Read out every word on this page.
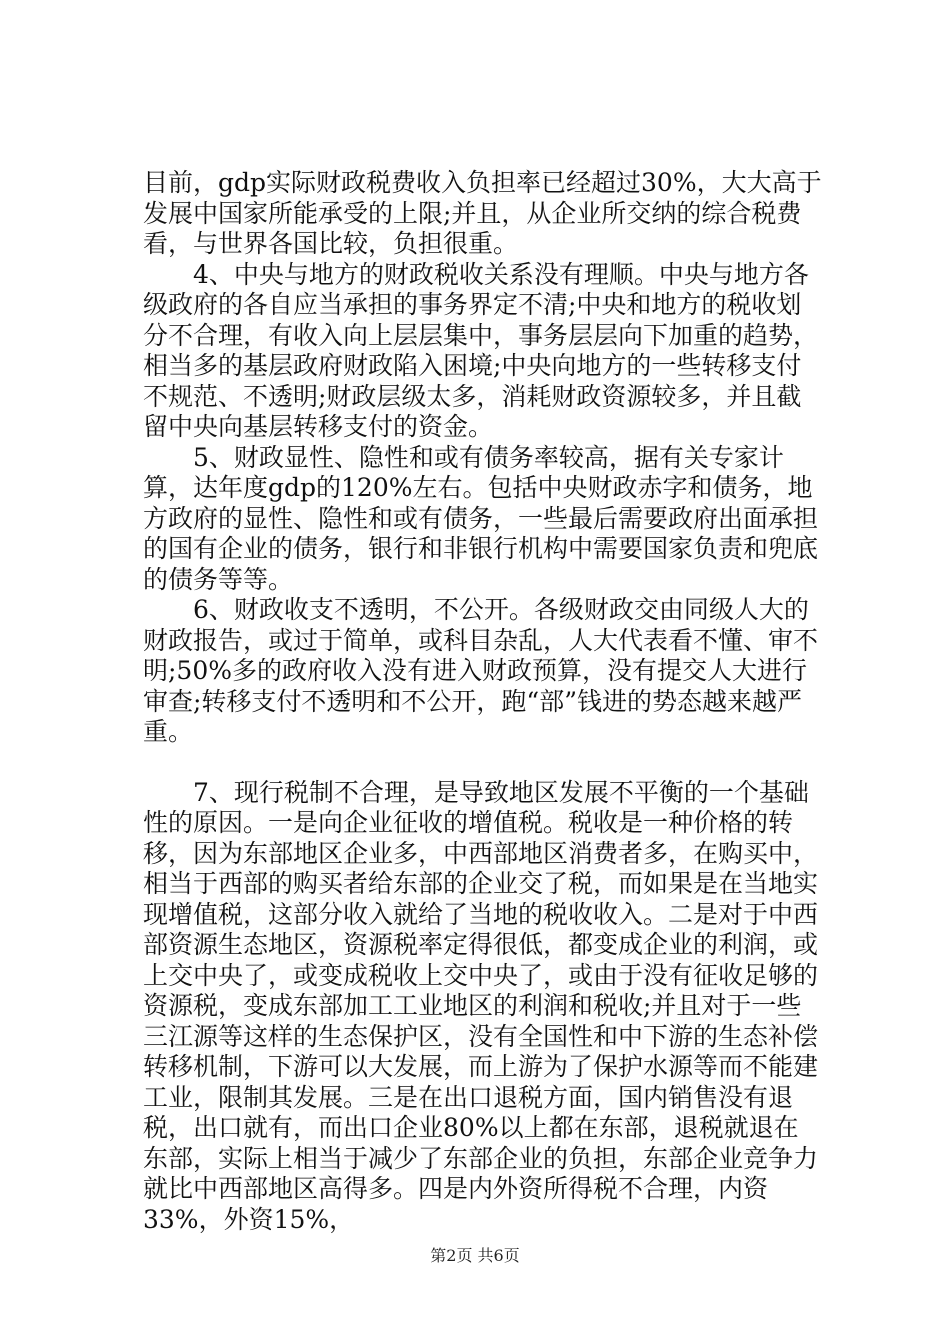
目前，gdp实际财政税费收入负担率已经超过30%，大大高于发展中国家所能承受的上限;并且，从企业所交纳的综合税费看，与世界各国比较，负担很重。

4、中央与地方的财政税收关系没有理顺。中央与地方各级政府的各自应当承担的事务界定不清;中央和地方的税收划分不合理，有收入向上层层集中，事务层层向下加重的趋势，相当多的基层政府财政陷入困境;中央向地方的一些转移支付不规范、不透明;财政层级太多，消耗财政资源较多，并且截留中央向基层转移支付的资金。

5、财政显性、隐性和或有债务率较高，据有关专家计算，达年度gdp的120%左右。包括中央财政赤字和债务，地方政府的显性、隐性和或有债务，一些最后需要政府出面承担的国有企业的债务，银行和非银行机构中需要国家负责和兜底的债务等等。

6、财政收支不透明，不公开。各级财政交由同级人大的财政报告，或过于简单，或科目杂乱，人大代表看不懂、审不明;50%多的政府收入没有进入财政预算，没有提交人大进行审查;转移支付不透明和不公开，跑“部”钱进的势态越来越严重。

7、现行税制不合理，是导致地区发展不平衡的一个基础性的原因。一是向企业征收的增值税。税收是一种价格的转移，因为东部地区企业多，中西部地区消费者多，在购买中，相当于西部的购买者给东部的企业交了税，而如果是在当地实现增值税，这部分收入就给了当地的税收收入。二是对于中西部资源生态地区，资源税率定得很低，都变成企业的利润，或上交中央了，或变成税收上交中央了，或由于没有征收足够的资源税，变成东部加工工业地区的利润和税收;并且对于一些三江源等这样的生态保护区，没有全国性和中下游的生态补偿转移机制，下游可以大发展，而上游为了保护水源等而不能建工业，限制其发展。三是在出口退税方面，国内销售没有退税，出口就有，而出口企业80%以上都在东部，退税就退在东部，实际上相当于减少了东部企业的负担，东部企业竞争力就比中西部地区高得多。四是内外资所得税不合理，内资33%，外资15%，

第2页 共6页
